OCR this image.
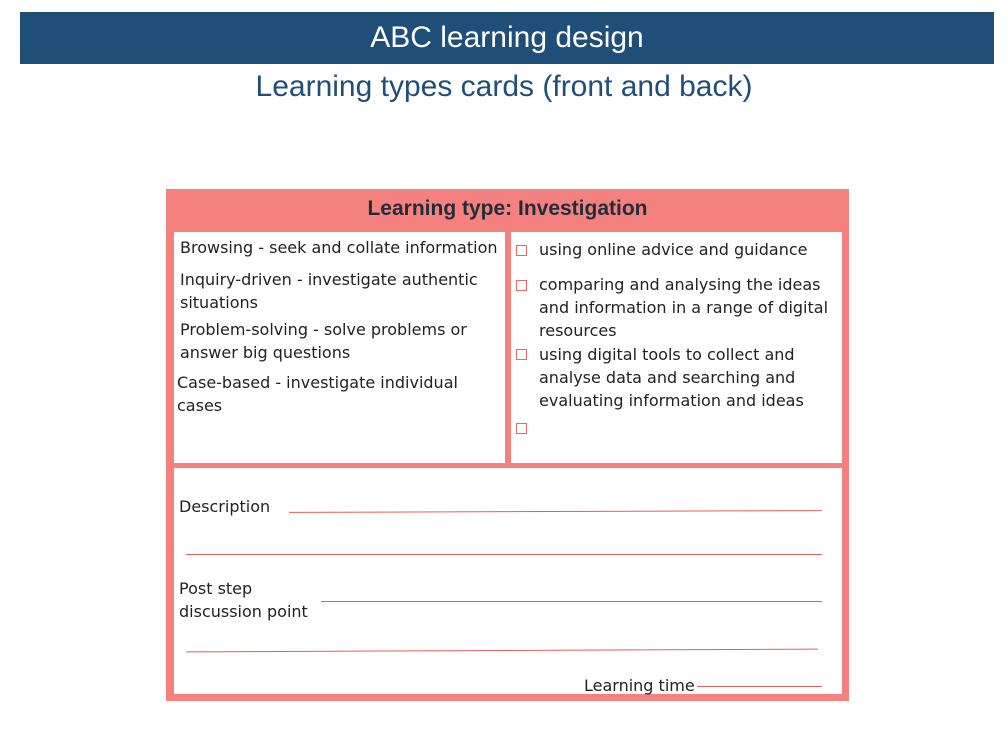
ABC learning design
Learning types cards (front and back)
Learning type: Investigation
Browsing - seek and collate information
Inquiry-driven - investigate authentic situations
Problem-solving - solve problems or answer big questions
Case-based - investigate individual cases
using online advice and guidance
comparing and analysing the ideas and information in a range of digital resources
using digital tools to collect and analyse data and searching and evaluating information and ideas
Description
Post step discussion point
Learning time
